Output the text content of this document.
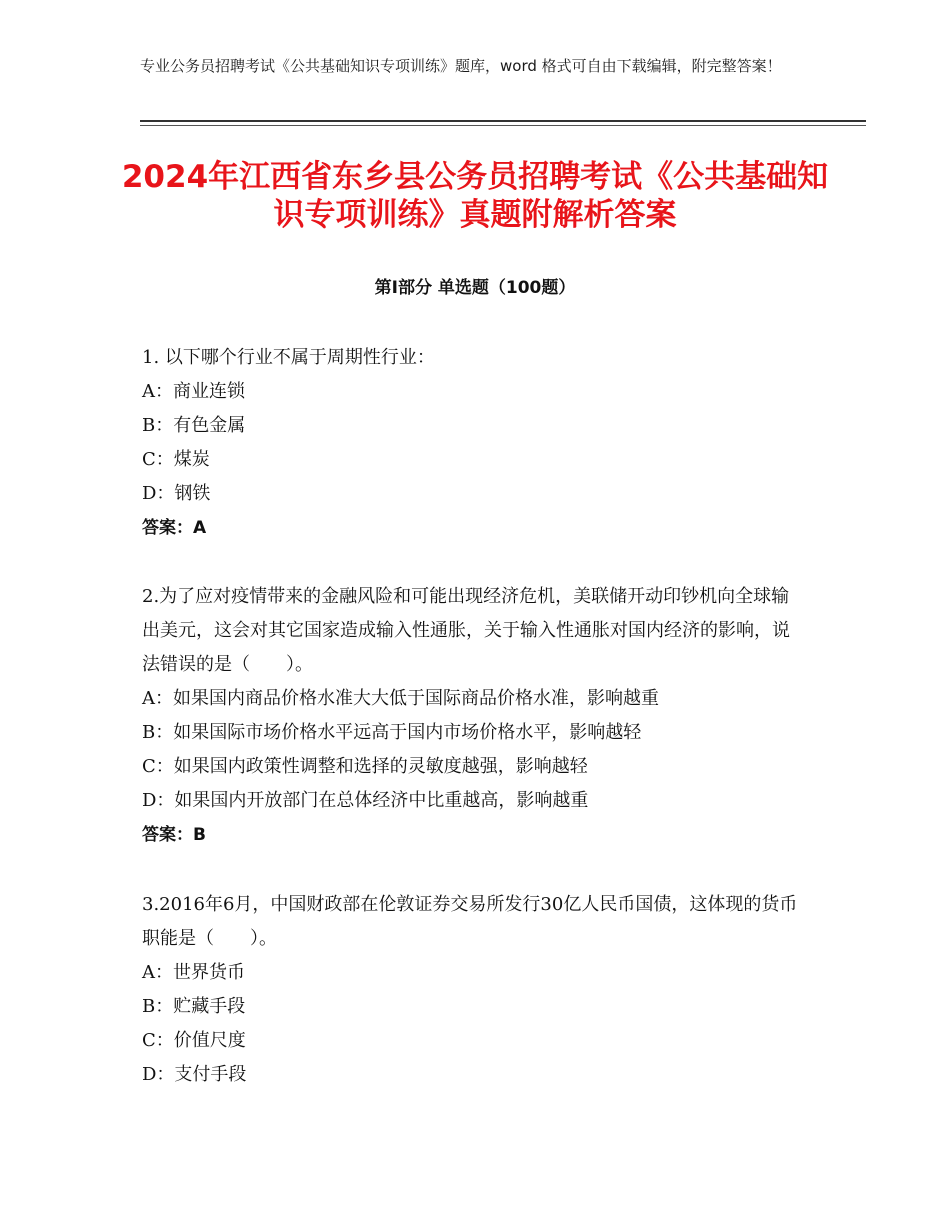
专业公务员招聘考试《公共基础知识专项训练》题库，word 格式可自由下载编辑，附完整答案！
2024年江西省东乡县公务员招聘考试《公共基础知识专项训练》真题附解析答案
第Ⅰ部分 单选题（100题）

1. 以下哪个行业不属于周期性行业：

A：商业连锁

B：有色金属

C：煤炭

D：钢铁

答案：A

2.为了应对疫情带来的金融风险和可能出现经济危机，美联储开动印钞机向全球输出美元，这会对其它国家造成输入性通胀，关于输入性通胀对国内经济的影响，说法错误的是（　　）。

A：如果国内商品价格水准大大低于国际商品价格水准，影响越重

B：如果国际市场价格水平远高于国内市场价格水平，影响越轻

C：如果国内政策性调整和选择的灵敏度越强，影响越轻

D：如果国内开放部门在总体经济中比重越高，影响越重

答案：B

3.2016年6月，中国财政部在伦敦证券交易所发行30亿人民币国债，这体现的货币职能是（　　）。

A：世界货币

B：贮藏手段

C：价值尺度

D：支付手段
